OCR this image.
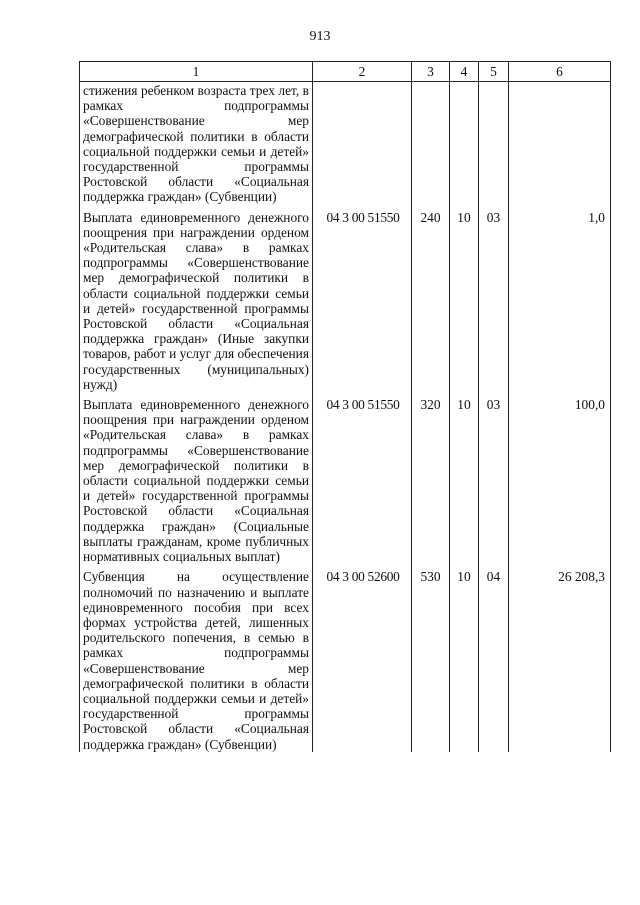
913
1	2	3	4	5	6
стижения ребенком возраста трех лет, в рамках подпрограммы «Совершенствование мер демографической политики в области социальной поддержки семьи и детей» государственной программы Ростовской области «Социальная поддержка граждан» (Субвенции)					
Выплата единовременного денежного поощрения при награждении орденом «Родительская слава» в рамках подпрограммы «Совершенствование мер демографической политики в области социальной поддержки семьи и детей» государственной программы Ростовской области «Социальная поддержка граждан» (Иные закупки товаров, работ и услуг для обеспечения государственных (муниципальных) нужд)	04 3 00 51550	240	10	03	1,0
Выплата единовременного денежного поощрения при награждении орденом «Родительская слава» в рамках подпрограммы «Совершенствование мер демографической политики в области социальной поддержки семьи и детей» государственной программы Ростовской области «Социальная поддержка граждан» (Социальные выплаты гражданам, кроме публичных нормативных социальных выплат)	04 3 00 51550	320	10	03	100,0
Субвенция на осуществление полномочий по назначению и выплате единовременного пособия при всех формах устройства детей, лишенных родительского попечения, в семью в рамках подпрограммы «Совершенствование мер демографической политики в области социальной поддержки семьи и детей» государственной программы Ростовской области «Социальная поддержка граждан» (Субвенции)	04 3 00 52600	530	10	04	26 208,3
